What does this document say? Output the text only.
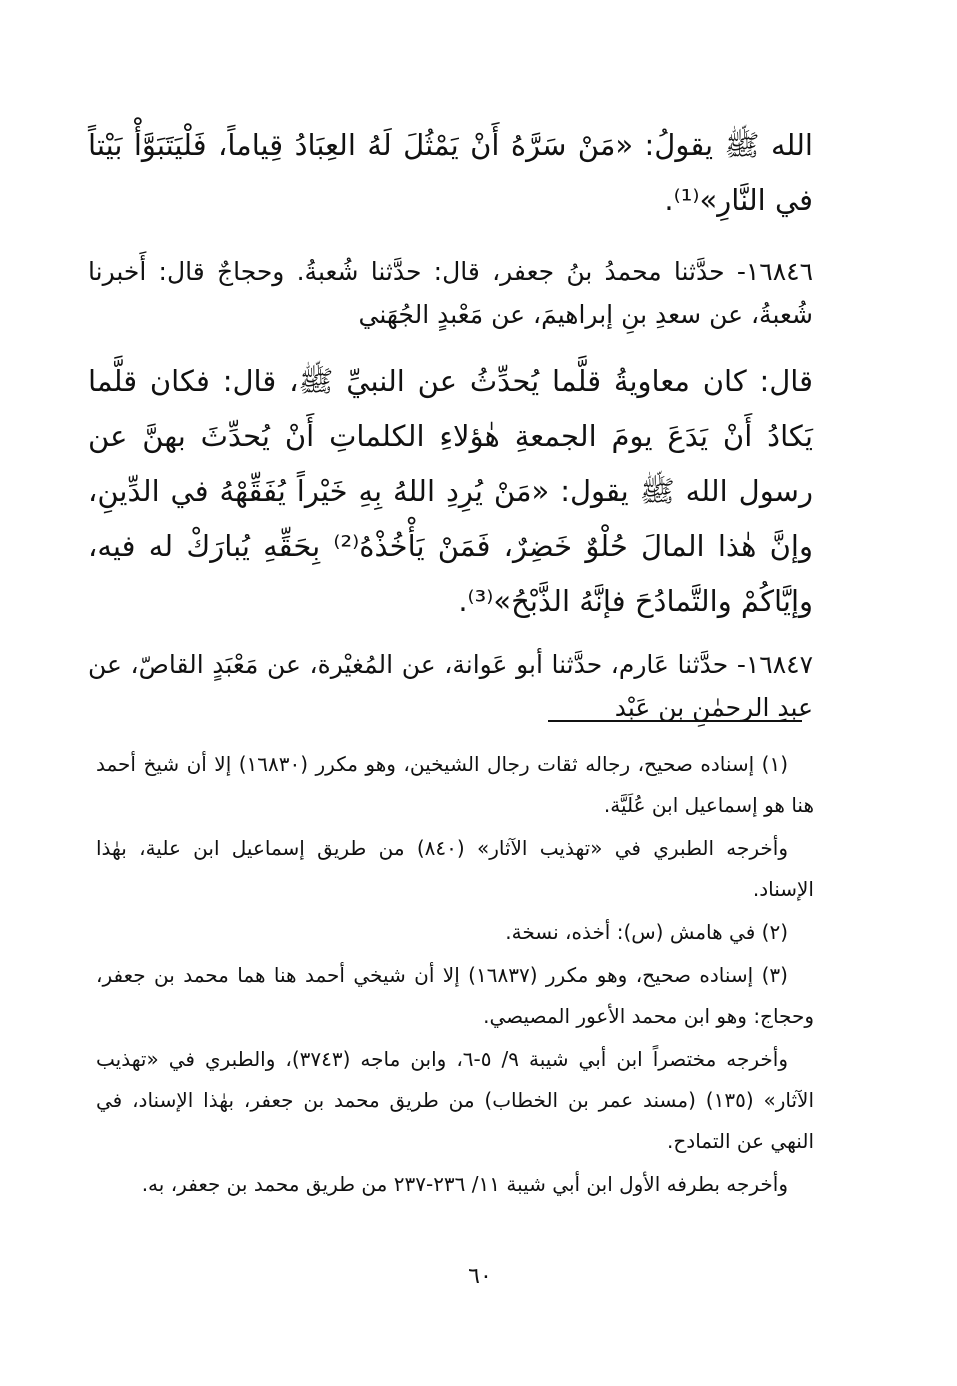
الله ﷺ يقولُ: «مَنْ سَرَّهُ أَنْ يَمْثُلَ لَهُ العِبَادُ قِياماً، فَلْيَتَبَوَّأْ بَيْتاً في النَّارِ»⁽¹⁾.

١٦٨٤٦- حدَّثنا محمدُ بنُ جعفر، قال: حدَّثنا شُعبةُ. وحجاجٌ قال: أَخبرنا شُعبةُ، عن سعدِ بنِ إبراهيمَ، عن مَعْبدٍ الجُهَني

قال: كان معاويةُ قلَّما يُحدِّثُ عن النبيِّ ﷺ، قال: فكان قلَّما يَكادُ أَنْ يَدَعَ يومَ الجمعةِ هٰؤلاءِ الكلماتِ أَنْ يُحدِّثَ بهنَّ عن رسول الله ﷺ يقول: «مَنْ يُرِدِ اللهُ بِهِ خَيْراً يُفَقِّهْهُ في الدِّينِ، وإنَّ هٰذا المالَ حُلْوٌ خَضِرٌ، فَمَنْ يَأْخُذْهُ⁽²⁾ بِحَقِّهِ يُبارَكْ له فيه، وإيَّاكُمْ والتَّمادُحَ فإنَّهُ الذَّبْحُ»⁽³⁾.

١٦٨٤٧- حدَّثنا عَارم، حدَّثنا أبو عَوانة، عن المُغيْرة، عن مَعْبَدٍ القاصّ، عن عبدِ الرحمٰنِ بن عَبْد

(١) إسناده صحيح، رجاله ثقات رجال الشيخين، وهو مكرر (١٦٨٣٠) إلا أن شيخ أحمد هنا هو إسماعيل ابن عُلَيَّة.

وأخرجه الطبري في «تهذيب الآثار» (٨٤٠) من طريق إسماعيل ابن علية، بهٰذا الإسناد.

(٢) في هامش (س): أخذه، نسخة.

(٣) إسناده صحيح، وهو مكرر (١٦٨٣٧) إلا أن شيخي أحمد هنا هما محمد بن جعفر، وحجاج: وهو ابن محمد الأعور المصيصي.

وأخرجه مختصراً ابن أبي شيبة ٩/ ٥-٦، وابن ماجه (٣٧٤٣)، والطبري في «تهذيب الآثار» (١٣٥) (مسند عمر بن الخطاب) من طريق محمد بن جعفر، بهٰذا الإسناد، في النهي عن التمادح.

وأخرجه بطرفه الأول ابن أبي شيبة ١١/ ٢٣٦-٢٣٧ من طريق محمد بن جعفر، به.

٦٠
